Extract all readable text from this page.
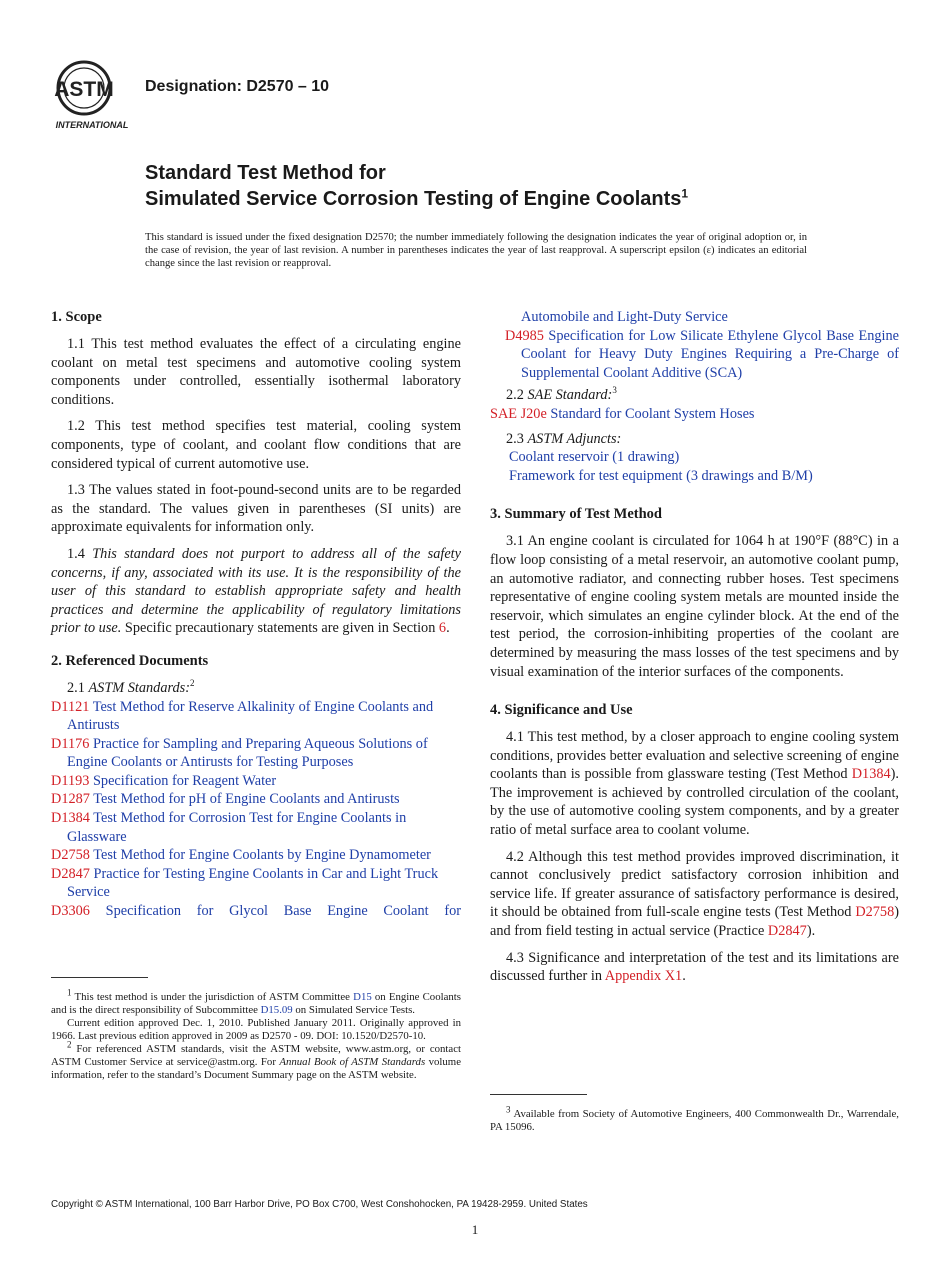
ASTM
INTERNATIONAL
Designation: D2570 – 10
Standard Test Method for
Simulated Service Corrosion Testing of Engine Coolants$^1$
This standard is issued under the fixed designation D2570; the number immediately following the designation indicates the year of original adoption or, in the case of revision, the year of last revision. A number in parentheses indicates the year of last reapproval. A superscript epsilon (ε) indicates an editorial change since the last revision or reapproval.
1. Scope

1.1 This test method evaluates the effect of a circulating engine coolant on metal test specimens and automotive cooling system components under controlled, essentially isothermal laboratory conditions.

1.2 This test method specifies test material, cooling system components, type of coolant, and coolant flow conditions that are considered typical of current automotive use.

1.3 The values stated in foot-pound-second units are to be regarded as the standard. The values given in parentheses (SI units) are approximate equivalents for information only.

1.4 This standard does not purport to address all of the safety concerns, if any, associated with its use. It is the responsibility of the user of this standard to establish appropriate safety and health practices and determine the applicability of regulatory limitations prior to use. Specific precautionary statements are given in Section 6.

2. Referenced Documents
2.1 ASTM Standards:$^2$
D1121 Test Method for Reserve Alkalinity of Engine Coolants and Antirusts
D1176 Practice for Sampling and Preparing Aqueous Solutions of Engine Coolants or Antirusts for Testing Purposes
D1193 Specification for Reagent Water
D1287 Test Method for pH of Engine Coolants and Antirusts
D1384 Test Method for Corrosion Test for Engine Coolants in Glassware
D2758 Test Method for Engine Coolants by Engine Dynamometer
D2847 Practice for Testing Engine Coolants in Car and Light Truck Service
D3306 Specification for Glycol Base Engine Coolant for
Automobile and Light-Duty Service
D4985 Specification for Low Silicate Ethylene Glycol Base Engine Coolant for Heavy Duty Engines Requiring a Pre-Charge of Supplemental Coolant Additive (SCA)
2.2 SAE Standard:$^3$
SAE J20e Standard for Coolant System Hoses
2.3 ASTM Adjuncts:
Coolant reservoir (1 drawing)
Framework for test equipment (3 drawings and B/M)
3. Summary of Test Method

3.1 An engine coolant is circulated for 1064 h at 190°F (88°C) in a flow loop consisting of a metal reservoir, an automotive coolant pump, an automotive radiator, and connecting rubber hoses. Test specimens representative of engine cooling system metals are mounted inside the reservoir, which simulates an engine cylinder block. At the end of the test period, the corrosion-inhibiting properties of the coolant are determined by measuring the mass losses of the test specimens and by visual examination of the interior surfaces of the components.

4. Significance and Use

4.1 This test method, by a closer approach to engine cooling system conditions, provides better evaluation and selective screening of engine coolants than is possible from glassware testing (Test Method D1384). The improvement is achieved by controlled circulation of the coolant, by the use of automotive cooling system components, and by a greater ratio of metal surface area to coolant volume.

4.2 Although this test method provides improved discrimination, it cannot conclusively predict satisfactory corrosion inhibition and service life. If greater assurance of satisfactory performance is desired, it should be obtained from full-scale engine tests (Test Method D2758) and from field testing in actual service (Practice D2847).

4.3 Significance and interpretation of the test and its limitations are discussed further in Appendix X1.

$^1$ This test method is under the jurisdiction of ASTM Committee D15 on Engine Coolants and is the direct responsibility of Subcommittee D15.09 on Simulated Service Tests.
Current edition approved Dec. 1, 2010. Published January 2011. Originally approved in 1966. Last previous edition approved in 2009 as D2570 - 09. DOI: 10.1520/D2570-10.
$^2$ For referenced ASTM standards, visit the ASTM website, www.astm.org, or contact ASTM Customer Service at service@astm.org. For Annual Book of ASTM Standards volume information, refer to the standard’s Document Summary page on the ASTM website.
$^3$ Available from Society of Automotive Engineers, 400 Commonwealth Dr., Warrendale, PA 15096.
Copyright © ASTM International, 100 Barr Harbor Drive, PO Box C700, West Conshohocken, PA 19428-2959. United States
1
